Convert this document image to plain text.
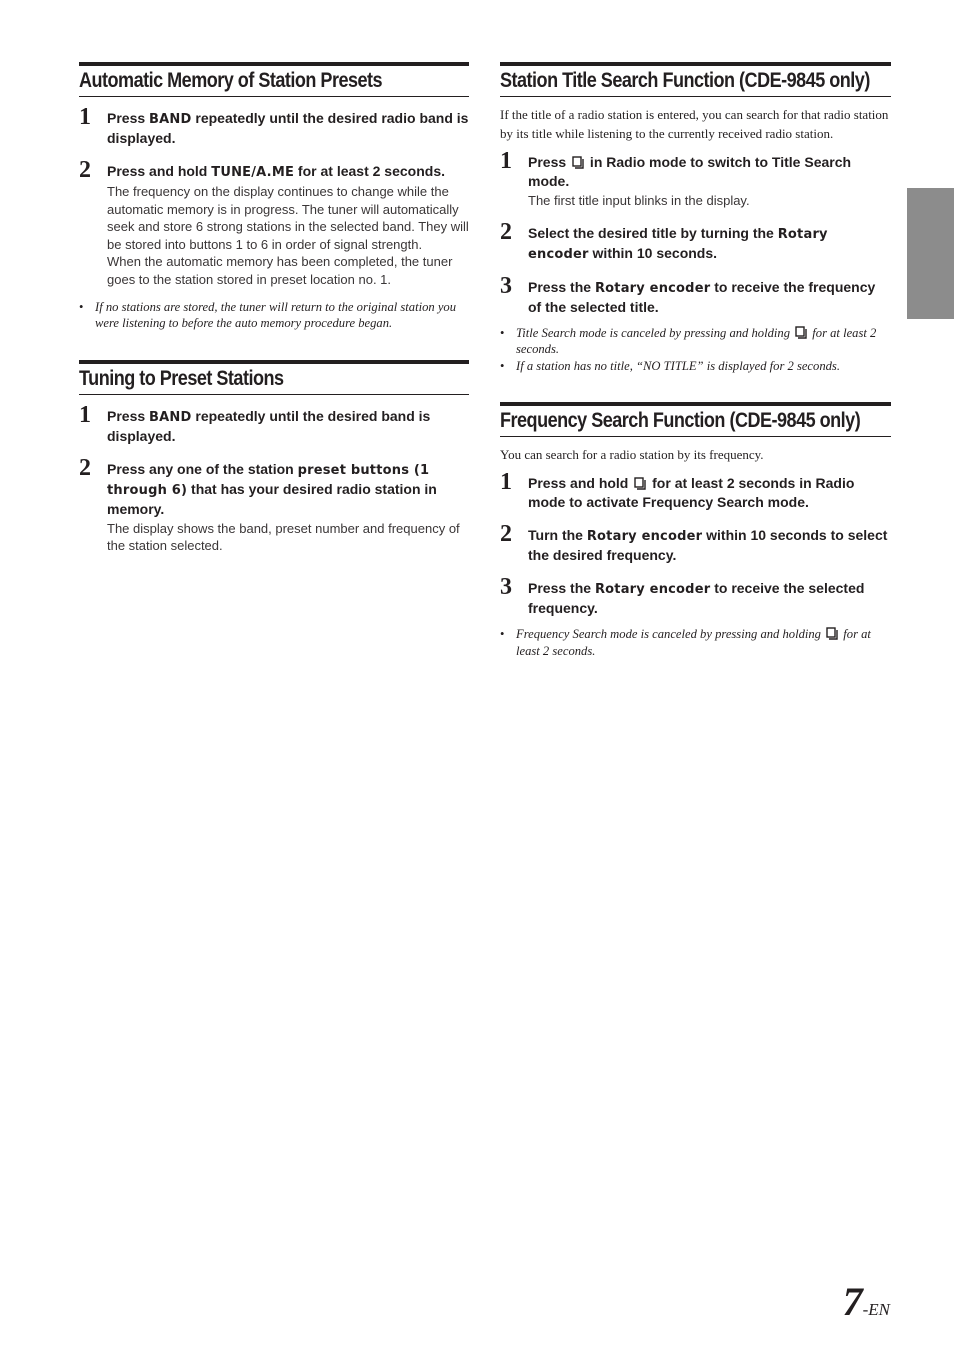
Automatic Memory of Station Presets
1 Press BAND repeatedly until the desired radio band is displayed.
2 Press and hold TUNE/A.ME for at least 2 seconds.
The frequency on the display continues to change while the automatic memory is in progress. The tuner will automatically seek and store 6 strong stations in the selected band. They will be stored into buttons 1 to 6 in order of signal strength.
When the automatic memory has been completed, the tuner goes to the station stored in preset location no. 1.
• If no stations are stored, the tuner will return to the original station you were listening to before the auto memory procedure began.
Tuning to Preset Stations
1 Press BAND repeatedly until the desired band is displayed.
2 Press any one of the station preset buttons (1 through 6) that has your desired radio station in memory.
The display shows the band, preset number and frequency of the station selected.
Station Title Search Function (CDE-9845 only)

If the title of a radio station is entered, you can search for that radio station by its title while listening to the currently received radio station.

1 Press  in Radio mode to switch to Title Search mode.
The first title input blinks in the display.
2 Select the desired title by turning the Rotary encoder within 10 seconds.
3 Press the Rotary encoder to receive the frequency of the selected title.
• Title Search mode is canceled by pressing and holding  for at least 2 seconds.
• If a station has no title, “NO TITLE” is displayed for 2 seconds.
Frequency Search Function (CDE-9845 only)

You can search for a radio station by its frequency.

1 Press and hold  for at least 2 seconds in Radio mode to activate Frequency Search mode.
2 Turn the Rotary encoder within 10 seconds to select the desired frequency.
3 Press the Rotary encoder to receive the selected frequency.
• Frequency Search mode is canceled by pressing and holding  for at least 2 seconds.
7-EN
